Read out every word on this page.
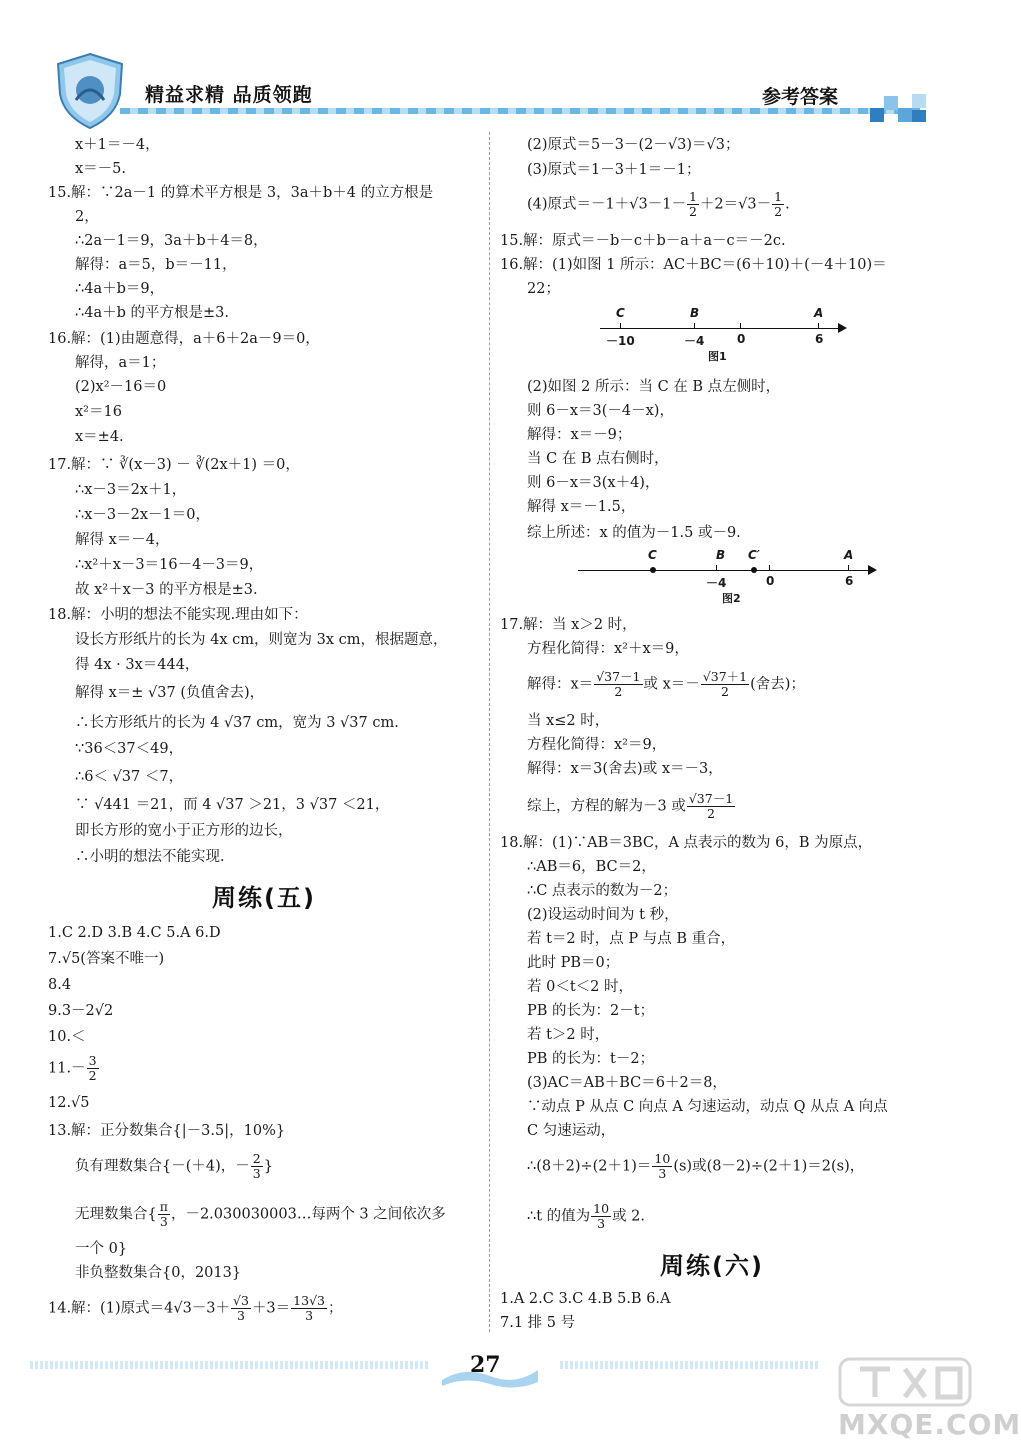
精益求精 品质领跑	参考答案
x＋1＝－4，
x＝－5.
15.解：∵2a－1 的算术平方根是 3，3a＋b＋4 的立方根是
2，
∴2a－1＝9，3a＋b＋4＝8，
解得：a＝5，b＝－11，
∴4a＋b＝9，
∴4a＋b 的平方根是±3.
16.解：(1)由题意得，a＋6＋2a－9＝0，
解得，a＝1；
(2)x²－16＝0
x²＝16
x＝±4.
17.解：∵ ∛(x－3) － ∛(2x＋1) ＝0，
∴x－3＝2x＋1，
∴x－3－2x－1＝0，
解得 x＝－4，
∴x²＋x－3＝16－4－3＝9，
故 x²＋x－3 的平方根是±3.
18.解：小明的想法不能实现.理由如下：
设长方形纸片的长为 4x cm，则宽为 3x cm，根据题意，
得 4x · 3x＝444，
解得 x＝± √37 (负值舍去)，
∴长方形纸片的长为 4 √37 cm，宽为 3 √37 cm.
∵36＜37＜49，
∴6＜ √37 ＜7，
∵ √441 ＝21，而 4 √37 ＞21，3 √37 ＜21，
即长方形的宽小于正方形的边长，
∴小明的想法不能实现.
周练(五)
1.C 2.D 3.B 4.C 5.A 6.D
7.√5(答案不唯一)
8.4
9.3－2√2
10.＜
$11.- \frac{3}{2}$
12.√5
13.解：正分数集合{|－3.5|，10%}
负有理数集合{－(＋4)，－ $\frac{2}{3}$ }
无理数集合{ $\frac{\pi}{3}$ ，－2.030030003…每两个 3 之间依次多
一个 0}
非负整数集合{0，2013}
14.解：(1)原式$=4√3-3+ \frac{√3}{3} +3= \frac{13√3}{3}$ ；
(2)原式＝5－3－(2－√3)＝√3；
(3)原式＝1－3＋1＝－1；
(4)原式$=-1+√3-1- \frac{1}{2} +2=√3- \frac{1}{2}$ .
15.解：原式＝－b－c＋b－a＋a－c＝－2c.
16.解：(1)如图 1 所示：AC＋BC＝(6＋10)＋(－4＋10)＝
22；
C	B	A
－10	－4	0	6
图1
(2)如图 2 所示：当 C 在 B 点左侧时，
则 6－x＝3(－4－x)，
解得：x＝－9；
当 C 在 B 点右侧时，
则 6－x＝3(x＋4)，
解得 x＝－1.5，
综上所述：x 的值为－1.5 或－9.
C	B C′	A
－4	0	6
图2
17.解：当 x＞2 时，
方程化简得：x²＋x＝9，
解得：$x= \frac{√37-1}{2}$ 或 $x=- \frac{√37+1}{2}$ (舍去)；
当 x≤2 时，
方程化简得：x²＝9，
解得：x＝3(舍去)或 x＝－3，
综上，方程的解为－3 或 $\frac{√37-1}{2}$
18.解：(1)∵AB＝3BC，A 点表示的数为 6，B 为原点，
∴AB＝6，BC＝2，
∴C 点表示的数为－2；
(2)设运动时间为 t 秒，
若 t＝2 时，点 P 与点 B 重合，
此时 PB＝0；
若 0＜t＜2 时，
PB 的长为：2－t；
若 t＞2 时，
PB 的长为：t－2；
(3)AC＝AB＋BC＝6＋2＝8，
∵动点 P 从点 C 向点 A 匀速运动，动点 Q 从点 A 向点
C 匀速运动，
∴(8＋2)÷(2＋1)＝ $\frac{10}{3} (s)$或(8－2)÷(2＋1)＝2(s)，
∴t 的值为 $\frac{10}{3}$ 或 2.
周练(六)
1.A 2.C 3.C 4.B 5.B 6.A
7.1 排 5 号
27
MXQE.COM
